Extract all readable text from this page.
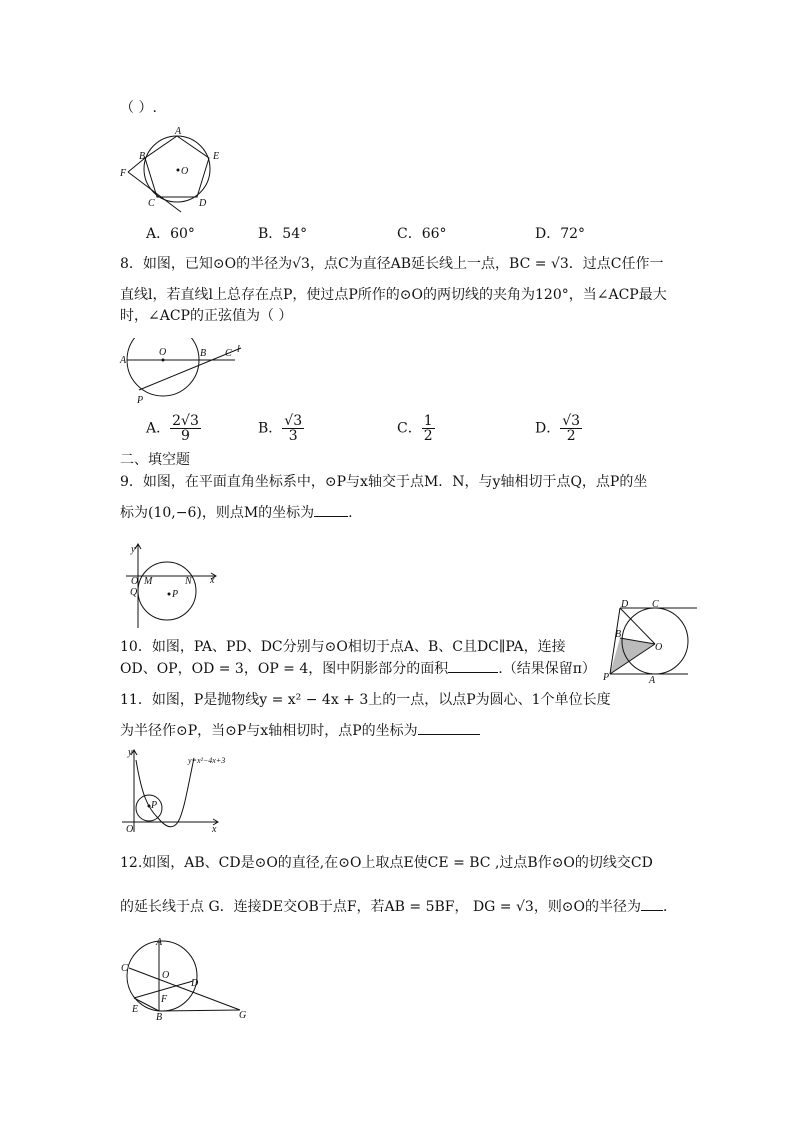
（ ）.
A
B	E
F	O
C	D
A．60°	B．54°	C．66°	D．72°
8．如图，已知⊙O的半径为√3，点C为直径AB延长线上一点，BC = √3．过点C任作一
直线l，若直线l上总存在点P，使过点P所作的⊙O的两切线的夹角为120°，当∠ACP最大
时，∠ACP的正弦值为（ ）
A
O	B C l
P
A． $\frac{2√3}{9}$	B． $\frac{√3}{3}$	C． $\frac{1}{2}$	D． $\frac{√3}{2}$
二、填空题
9．如图，在平面直角坐标系中，⊙P与x轴交于点M．N，与y轴相切于点Q，点P的坐
标为(10,−6)，则点M的坐标为 .
y
x
O M	N
Q	P
D C
B
O
P	A
10．如图，PA、PD、DC分别与⊙O相切于点A、B、C且DC∥PA，连接
OD、OP，OD = 3，OP = 4，图中阴影部分的面积	.（结果保留π）
11．如图，P是抛物线y = x² − 4x + 3上的一点，以点P为圆心、1个单位长度
为半径作⊙P，当⊙P与x轴相切时，点P的坐标为
y
x
O
P
y=x²−4x+3
12.如图，AB、CD是⊙O的直径,在⊙O上取点E使CE = BC ,过点B作⊙O的切线交CD
的延长线于点 G．连接DE交OB于点F，若AB = 5BF， DG = √3，则⊙O的半径为 ．
A
C
O
D
F
E
B	G
